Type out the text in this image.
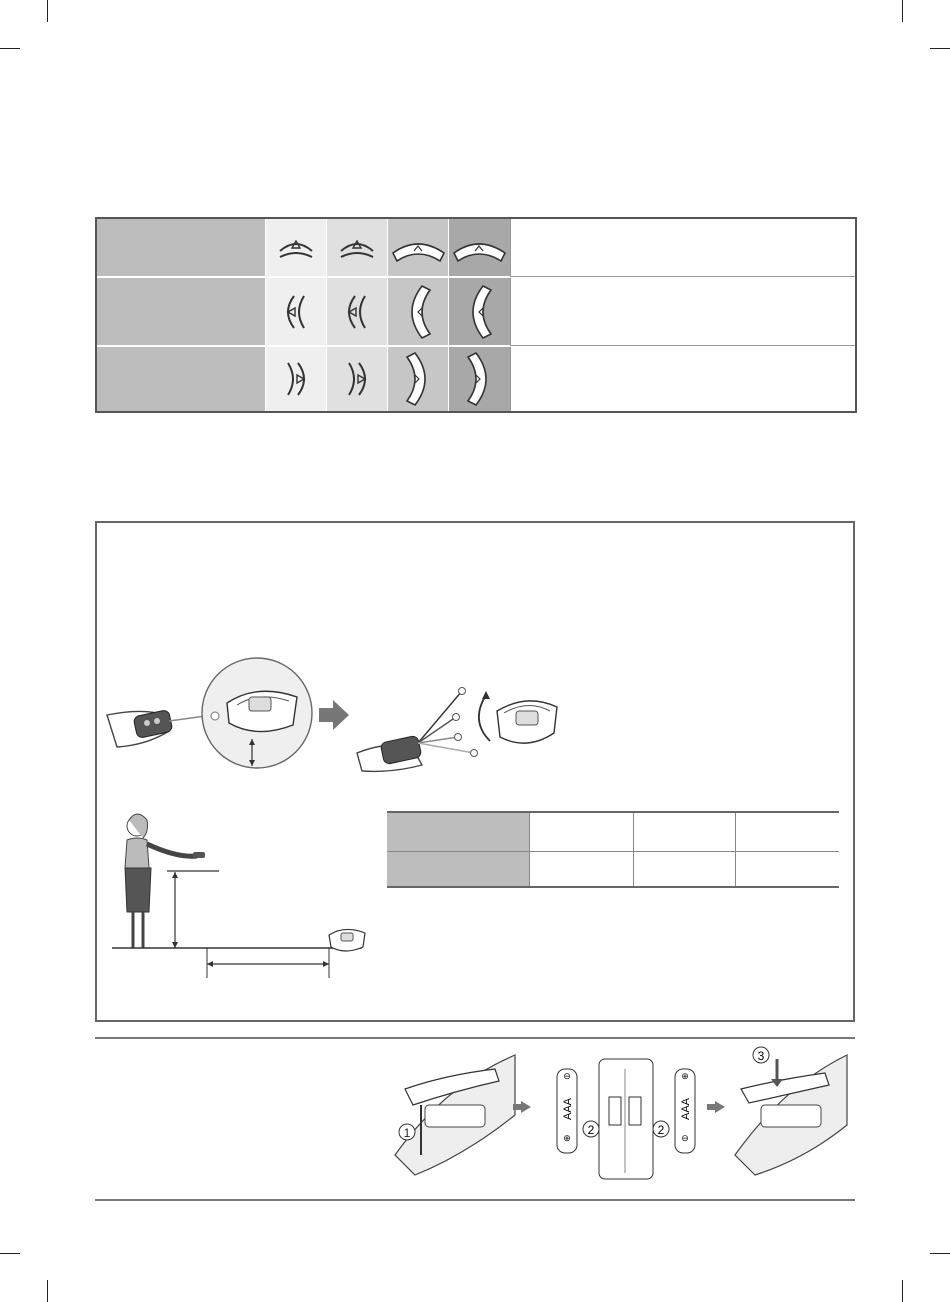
1
⊖
⊕
AAA
2	2
⊕
⊖
AAA
3
